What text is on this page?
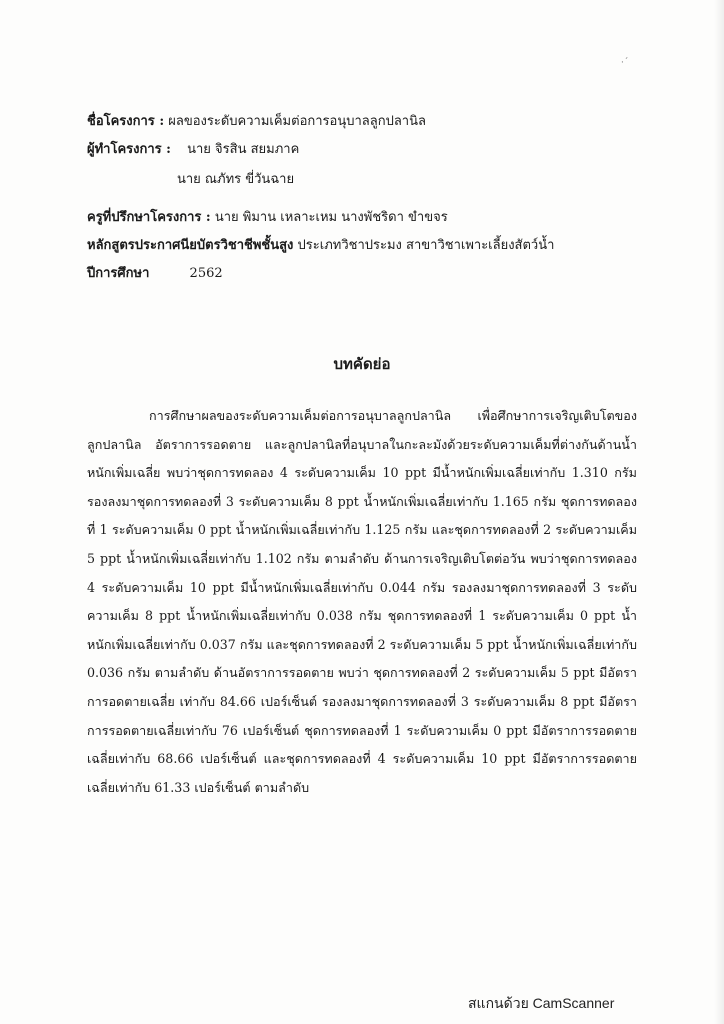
·´
ชื่อโครงการ : ผลของระดับความเค็มต่อการอนุบาลลูกปลานิล
ผู้ทำโครงการ : นาย จิรสิน สยมภาค
นาย ณภัทร ขี่วันฉาย
ครูที่ปรึกษาโครงการ : นาย พิมาน เหลาะเหม นางพัชริดา ขำขจร
หลักสูตรประกาศนียบัตรวิชาชีพชั้นสูง ประเภทวิชาประมง สาขาวิชาเพาะเลี้ยงสัตว์น้ำ
ปีการศึกษา	2562
บทคัดย่อ

การศึกษาผลของระดับความเค็มต่อการอนุบาลลูกปลานิล เพื่อศึกษาการเจริญเติบโตของลูกปลานิล อัตราการรอดตาย และลูกปลานิลที่อนุบาลในกะละมังด้วยระดับความเค็มที่ต่างกันด้านน้ำหนักเพิ่มเฉลี่ย พบว่าชุดการทดลอง 4 ระดับความเค็ม 10 ppt มีน้ำหนักเพิ่มเฉลี่ยเท่ากับ 1.310 กรัม รองลงมาชุดการทดลองที่ 3 ระดับความเค็ม 8 ppt น้ำหนักเพิ่มเฉลี่ยเท่ากับ 1.165 กรัม ชุดการทดลองที่ 1 ระดับความเค็ม 0 ppt น้ำหนักเพิ่มเฉลี่ยเท่ากับ 1.125 กรัม และชุดการทดลองที่ 2 ระดับความเค็ม 5 ppt น้ำหนักเพิ่มเฉลี่ยเท่ากับ 1.102 กรัม ตามลำดับ ด้านการเจริญเติบโตต่อวัน พบว่าชุดการทดลอง 4 ระดับความเค็ม 10 ppt มีน้ำหนักเพิ่มเฉลี่ยเท่ากับ 0.044 กรัม รองลงมาชุดการทดลองที่ 3 ระดับความเค็ม 8 ppt น้ำหนักเพิ่มเฉลี่ยเท่ากับ 0.038 กรัม ชุดการทดลองที่ 1 ระดับความเค็ม 0 ppt น้ำหนักเพิ่มเฉลี่ยเท่ากับ 0.037 กรัม และชุดการทดลองที่ 2 ระดับความเค็ม 5 ppt น้ำหนักเพิ่มเฉลี่ยเท่ากับ 0.036 กรัม ตามลำดับ ด้านอัตราการรอดตาย พบว่า ชุดการทดลองที่ 2 ระดับความเค็ม 5 ppt มีอัตราการอดตายเฉลี่ย เท่ากับ 84.66 เปอร์เซ็นต์ รองลงมาชุดการทดลองที่ 3 ระดับความเค็ม 8 ppt มีอัตราการรอดตายเฉลี่ยเท่ากับ 76 เปอร์เซ็นต์ ชุดการทดลองที่ 1 ระดับความเค็ม 0 ppt มีอัตราการรอดตายเฉลี่ยเท่ากับ 68.66 เปอร์เซ็นต์ และชุดการทดลองที่ 4 ระดับความเค็ม 10 ppt มีอัตราการรอดตายเฉลี่ยเท่ากับ 61.33 เปอร์เซ็นต์ ตามลำดับ

สแกนด้วย CamScanner
